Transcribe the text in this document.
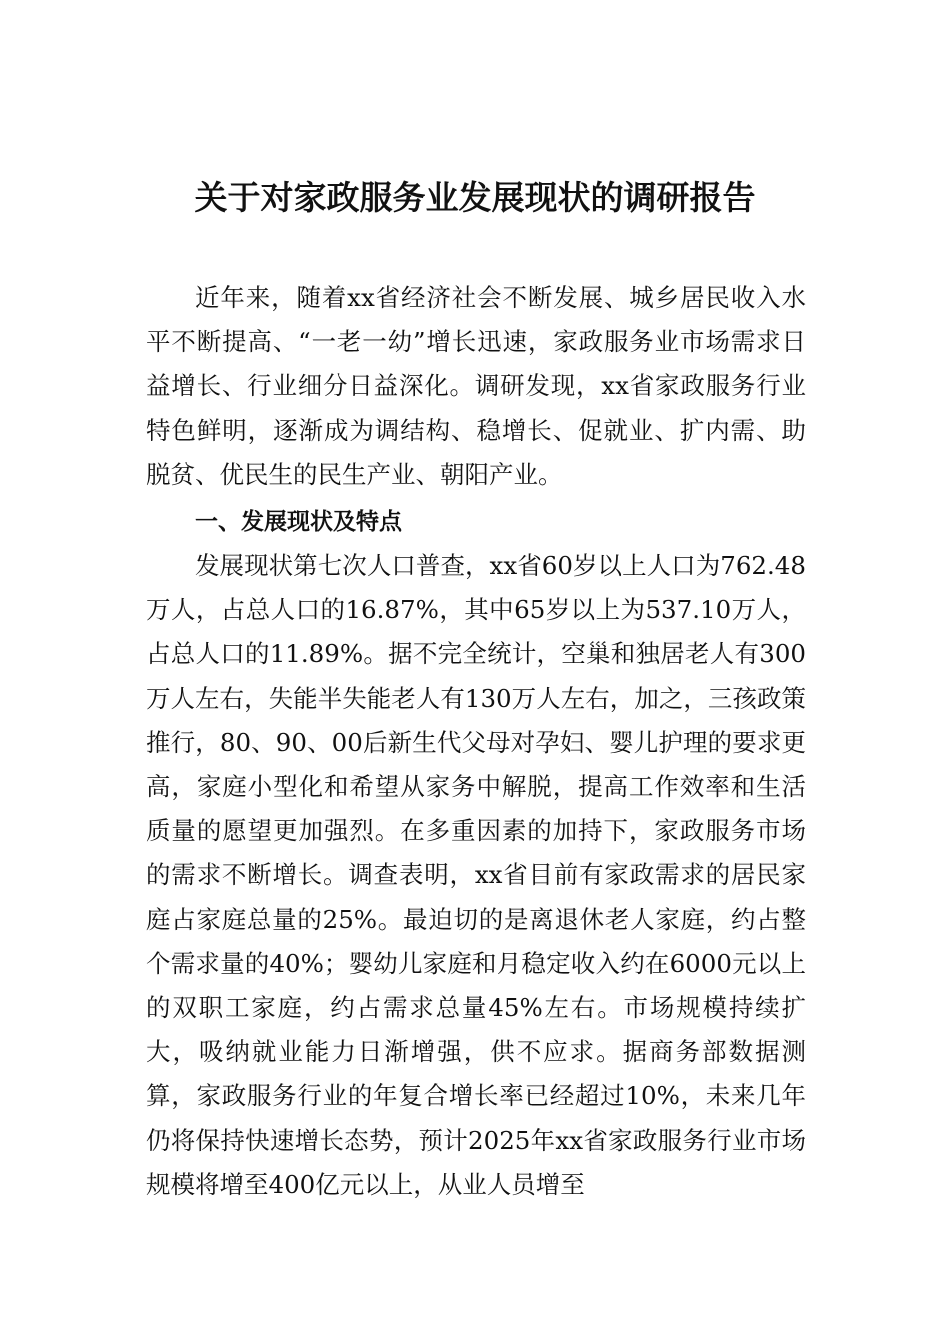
关于对家政服务业发展现状的调研报告

近年来，随着xx省经济社会不断发展、城乡居民收入水平不断提高、“一老一幼”增长迅速，家政服务业市场需求日益增长、行业细分日益深化。调研发现，xx省家政服务行业特色鲜明，逐渐成为调结构、稳增长、促就业、扩内需、助脱贫、优民生的民生产业、朝阳产业。

一、发展现状及特点

发展现状第七次人口普查，xx省60岁以上人口为762.48万人，占总人口的16.87%，其中65岁以上为537.10万人，占总人口的11.89%。据不完全统计，空巢和独居老人有300万人左右，失能半失能老人有130万人左右，加之，三孩政策推行，80、90、00后新生代父母对孕妇、婴儿护理的要求更高，家庭小型化和希望从家务中解脱，提高工作效率和生活质量的愿望更加强烈。在多重因素的加持下，家政服务市场的需求不断增长。调查表明，xx省目前有家政需求的居民家庭占家庭总量的25%。最迫切的是离退休老人家庭，约占整个需求量的40%；婴幼儿家庭和月稳定收入约在6000元以上的双职工家庭，约占需求总量45%左右。市场规模持续扩大，吸纳就业能力日渐增强，供不应求。据商务部数据测算，家政服务行业的年复合增长率已经超过10%，未来几年仍将保持快速增长态势，预计2025年xx省家政服务行业市场规模将增至400亿元以上，从业人员增至
